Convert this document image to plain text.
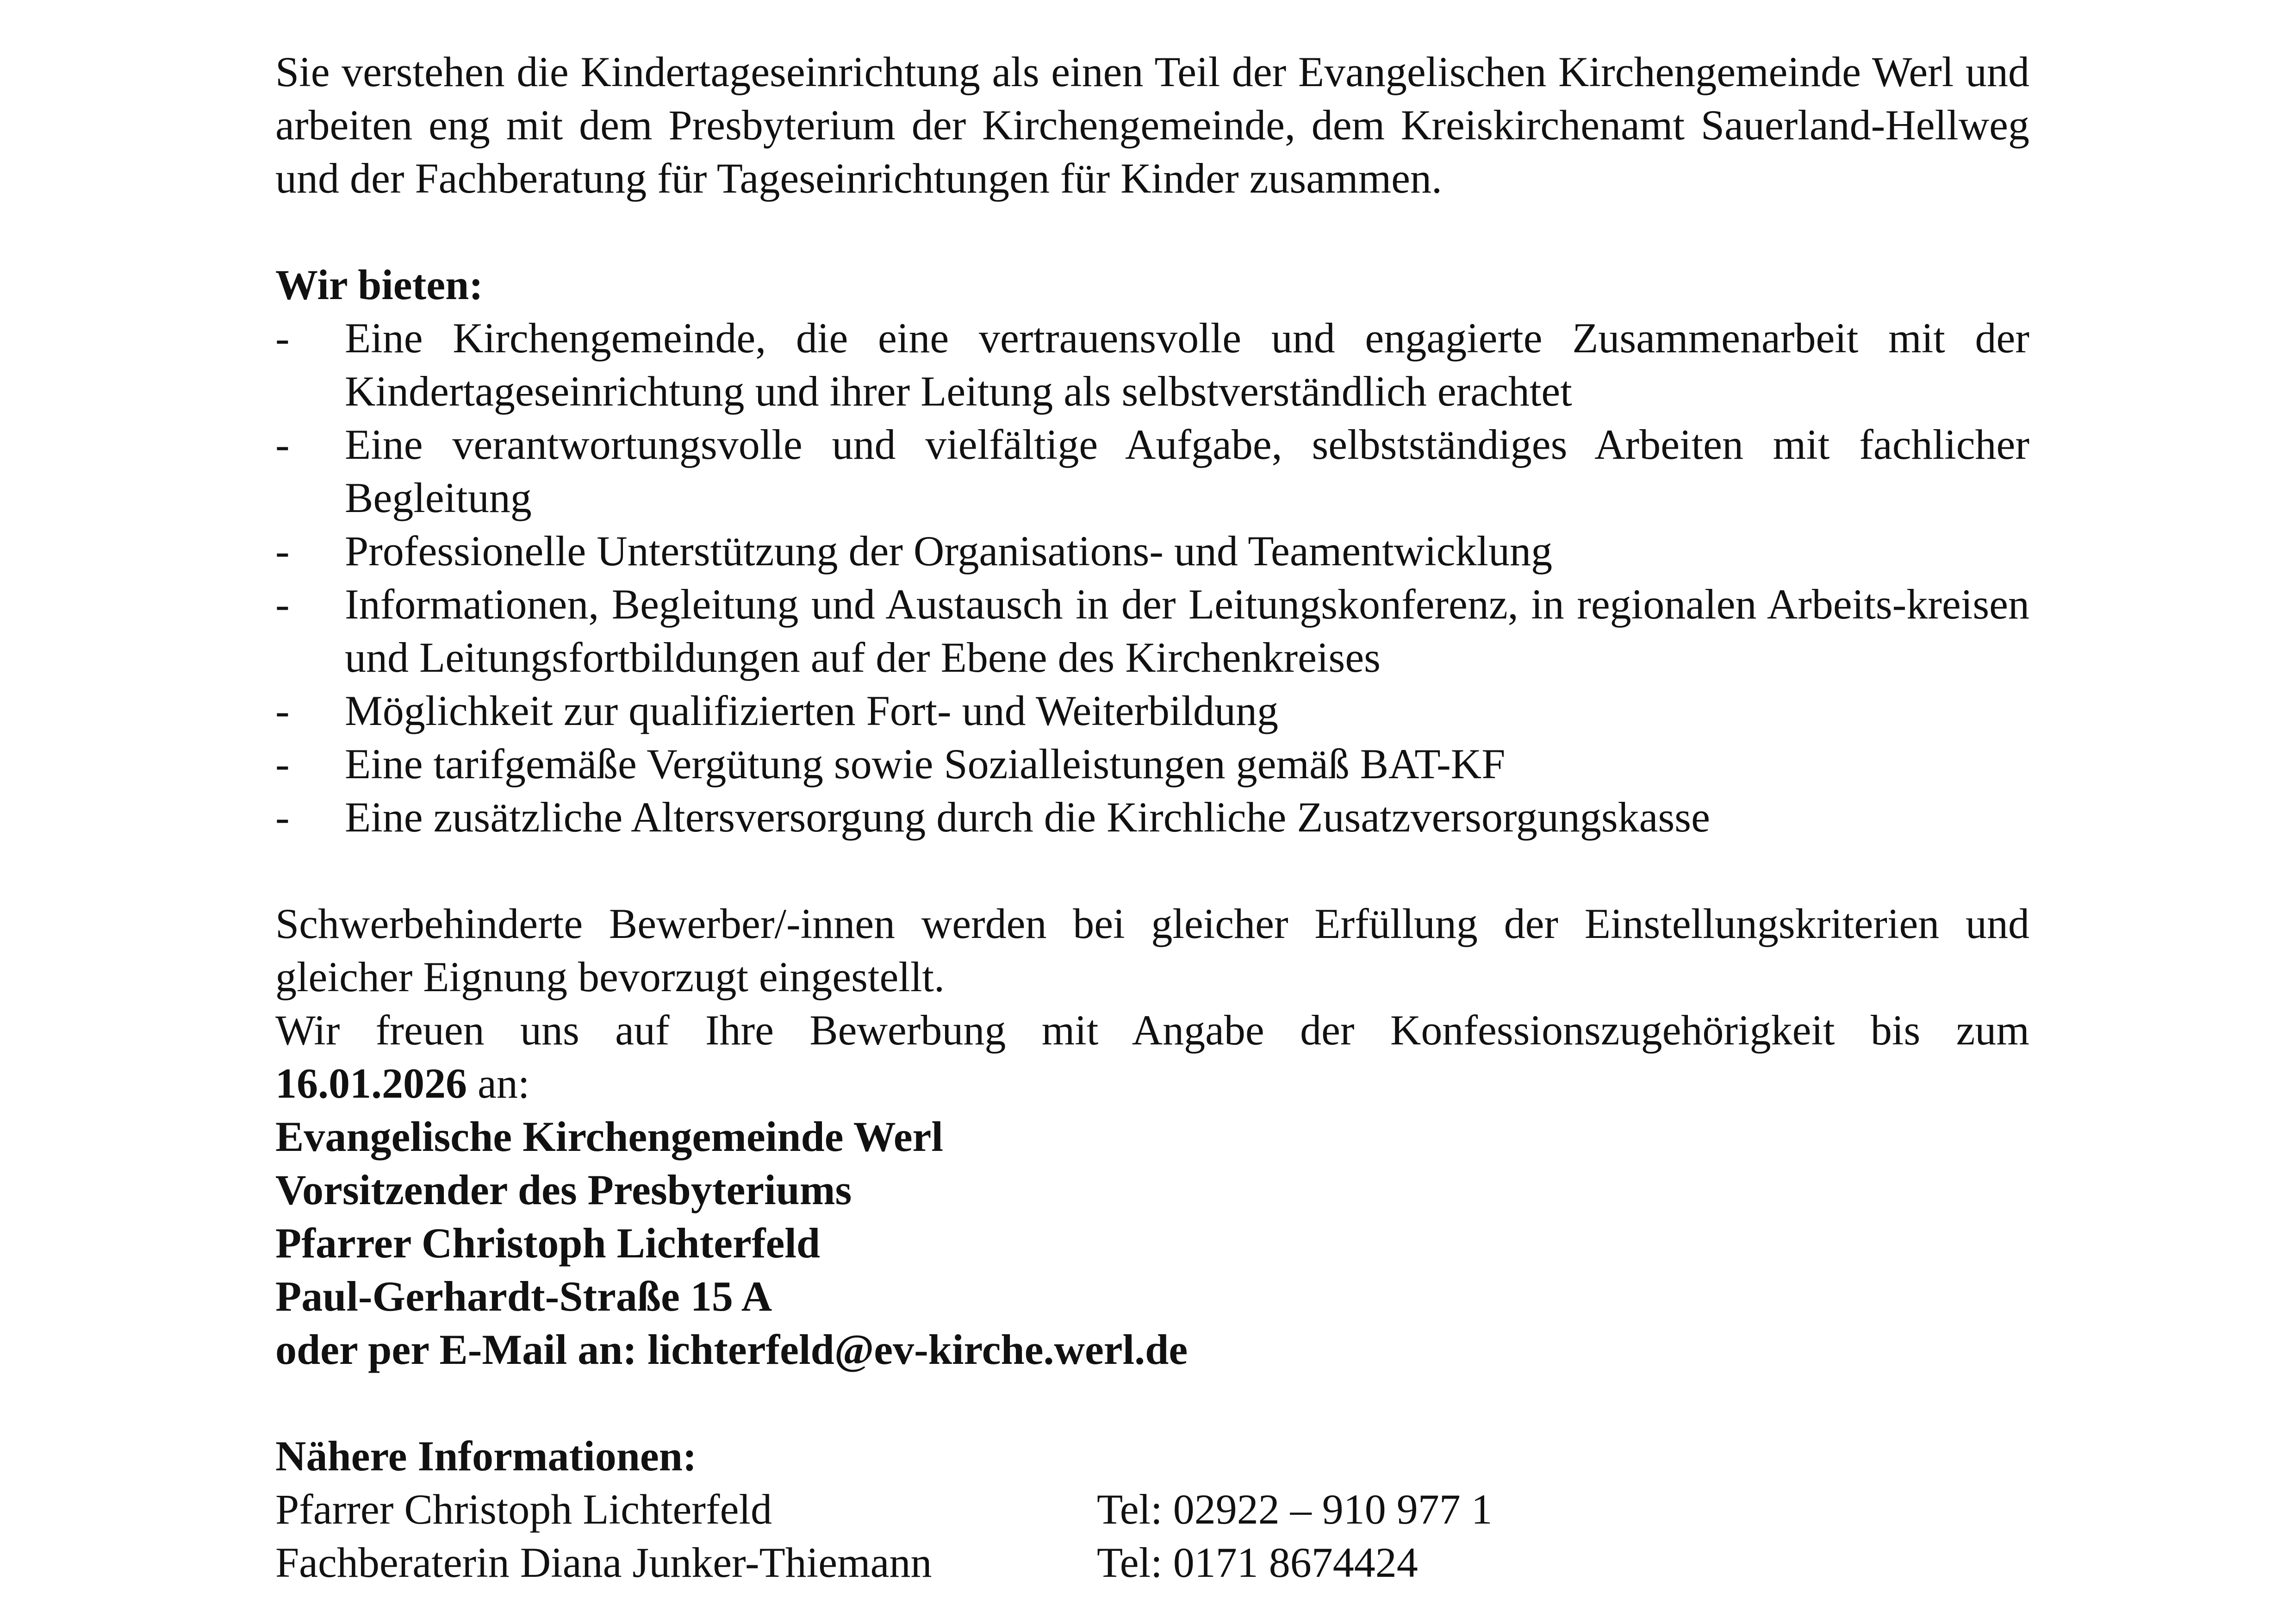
Sie verstehen die Kindertageseinrichtung als einen Teil der Evangelischen Kirchengemeinde Werl und arbeiten eng mit dem Presbyterium der Kirchengemeinde, dem Kreiskirchenamt Sauerland-Hellweg und der Fachberatung für Tageseinrichtungen für Kinder zusammen.

Wir bieten:

- Eine Kirchengemeinde, die eine vertrauensvolle und engagierte Zusammenarbeit mit der Kindertageseinrichtung und ihrer Leitung als selbstverständlich erachtet
- Eine verantwortungsvolle und vielfältige Aufgabe, selbstständiges Arbeiten mit fachlicher Begleitung
- Professionelle Unterstützung der Organisations- und Teamentwicklung
- Informationen, Begleitung und Austausch in der Leitungskonferenz, in regionalen Arbeits-kreisen und Leitungsfortbildungen auf der Ebene des Kirchenkreises
- Möglichkeit zur qualifizierten Fort- und Weiterbildung
- Eine tarifgemäße Vergütung sowie Sozialleistungen gemäß BAT-KF
- Eine zusätzliche Altersversorgung durch die Kirchliche Zusatzversorgungskasse

Schwerbehinderte Bewerber/-innen werden bei gleicher Erfüllung der Einstellungskriterien und gleicher Eignung bevorzugt eingestellt.

Wir freuen uns auf Ihre Bewerbung mit Angabe der Konfessionszugehörigkeit bis zum

16.01.2026 an:

Evangelische Kirchengemeinde Werl

Vorsitzender des Presbyteriums

Pfarrer Christoph Lichterfeld

Paul-Gerhardt-Straße 15 A

oder per E-Mail an: lichterfeld@ev-kirche.werl.de

Nähere Informationen:

Pfarrer Christoph Lichterfeld	Tel: 02922 – 910 977 1
Fachberaterin Diana Junker-Thiemann	Tel: 0171 8674424
